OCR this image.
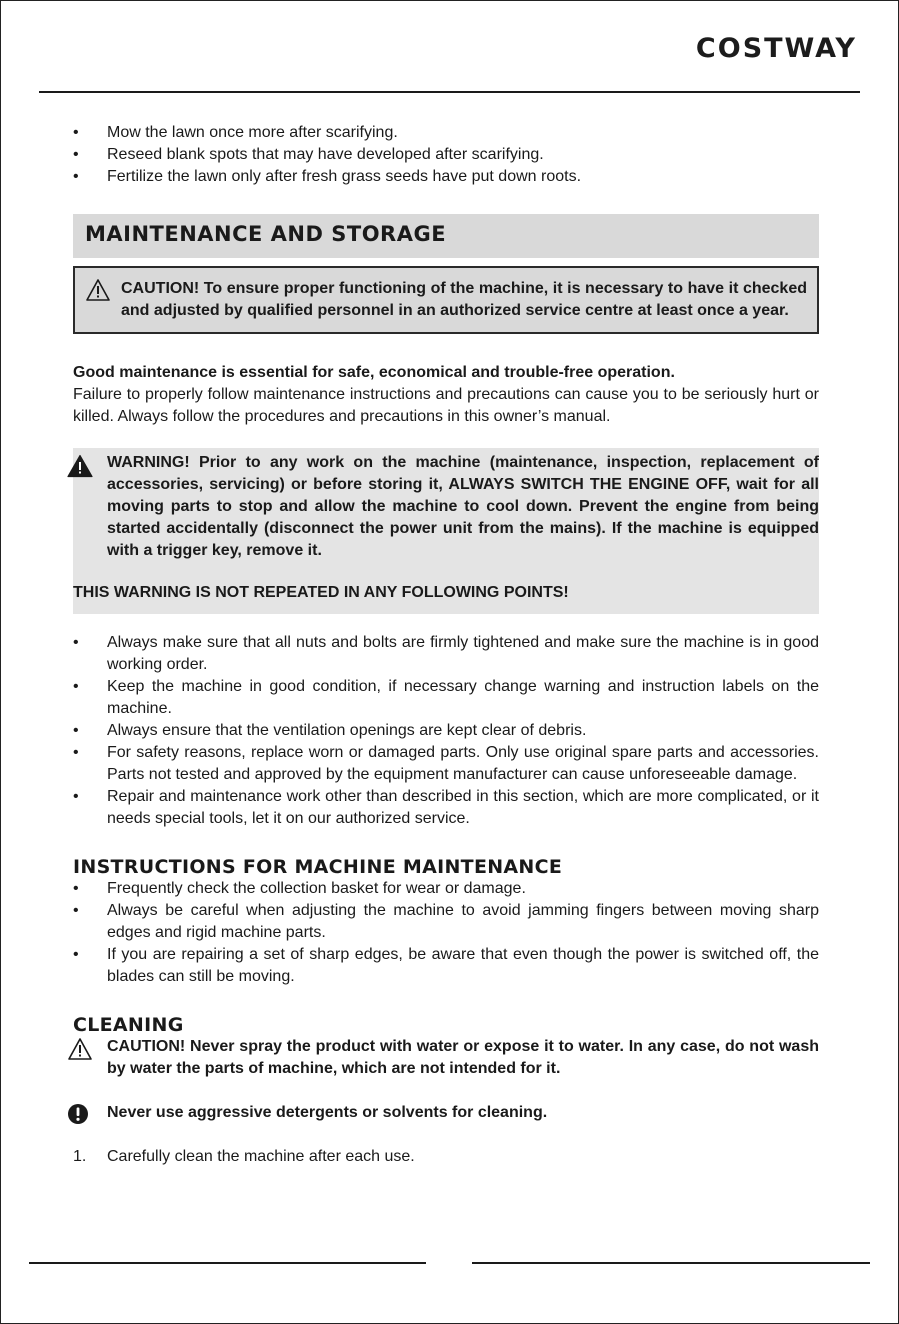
COSTWAY
• Mow the lawn once more after scarifying.
• Reseed blank spots that may have developed after scarifying.
• Fertilize the lawn only after fresh grass seeds have put down roots.
MAINTENANCE AND STORAGE
CAUTION! To ensure proper functioning of the machine, it is necessary to have it checked and adjusted by qualified personnel in an authorized service centre at least once a year.
Good maintenance is essential for safe, economical and trouble-free operation.
Failure to properly follow maintenance instructions and precautions can cause you to be seriously hurt or killed. Always follow the procedures and precautions in this owner’s manual.
WARNING! Prior to any work on the machine (maintenance, inspection, replacement of accessories, servicing) or before storing it, ALWAYS SWITCH THE ENGINE OFF, wait for all moving parts to stop and allow the machine to cool down. Prevent the engine from being started accidentally (disconnect the power unit from the mains). If the machine is equipped with a trigger key, remove it.
THIS WARNING IS NOT REPEATED IN ANY FOLLOWING POINTS!
• Always make sure that all nuts and bolts are firmly tightened and make sure the machine is in good working order.
• Keep the machine in good condition, if necessary change warning and instruction labels on the machine.
• Always ensure that the ventilation openings are kept clear of debris.
• For safety reasons, replace worn or damaged parts. Only use original spare parts and accessories. Parts not tested and approved by the equipment manufacturer can cause unforeseeable damage.
• Repair and maintenance work other than described in this section, which are more complicated, or it needs special tools, let it on our authorized service.
INSTRUCTIONS FOR MACHINE MAINTENANCE
• Frequently check the collection basket for wear or damage.
• Always be careful when adjusting the machine to avoid jamming fingers between moving sharp edges and rigid machine parts.
• If you are repairing a set of sharp edges, be aware that even though the power is switched off, the blades can still be moving.
CLEANING
CAUTION! Never spray the product with water or expose it to water. In any case, do not wash by water the parts of machine, which are not intended for it.
Never use aggressive detergents or solvents for cleaning.
1. Carefully clean the machine after each use.
